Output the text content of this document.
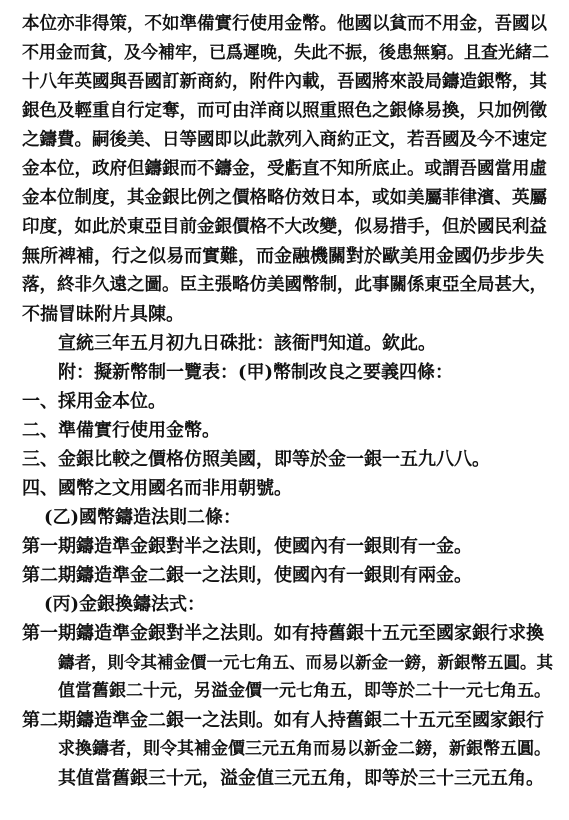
本位亦非得策，不如準備實行使用金幣。他國以貧而不用金，吾國以
不用金而貧，及今補牢，已爲遲晚，失此不振，後患無窮。且查光緒二
十八年英國與吾國訂新商約，附件內載，吾國將來設局鑄造銀幣，其
銀色及輕重自行定奪，而可由洋商以照重照色之銀條易換，只加例徵
之鑄費。嗣後美、日等國即以此款列入商約正文，若吾國及今不速定
金本位，政府但鑄銀而不鑄金，受虧直不知所底止。或謂吾國當用虛
金本位制度，其金銀比例之價格略仿效日本，或如美屬菲律濱、英屬
印度，如此於東亞目前金銀價格不大改變，似易措手，但於國民利益
無所裨補，行之似易而實難，而金融機關對於歐美用金國仍步步失
落，終非久遠之圖。臣主張略仿美國幣制，此事關係東亞全局甚大，
不揣冒昧附片具陳。
宣統三年五月初九日硃批：該衙門知道。欽此。
附：擬新幣制一覽表：(甲)幣制改良之要義四條：
一、採用金本位。
二、準備實行使用金幣。
三、金銀比較之價格仿照美國，即等於金一銀一五九八八。
四、國幣之文用國名而非用朝號。
(乙)國幣鑄造法則二條：
第一期鑄造準金銀對半之法則，使國內有一銀則有一金。
第二期鑄造準金二銀一之法則，使國內有一銀則有兩金。
(丙)金銀換鑄法式：
第一期鑄造準金銀對半之法則。如有持舊銀十五元至國家銀行求換
鑄者，則令其補金價一元七角五、而易以新金一鎊，新銀幣五圓。其
值當舊銀二十元，另溢金價一元七角五，即等於二十一元七角五。
第二期鑄造準金二銀一之法則。如有人持舊銀二十五元至國家銀行
求換鑄者，則令其補金價三元五角而易以新金二鎊，新銀幣五圓。
其值當舊銀三十元，溢金值三元五角，即等於三十三元五角。
